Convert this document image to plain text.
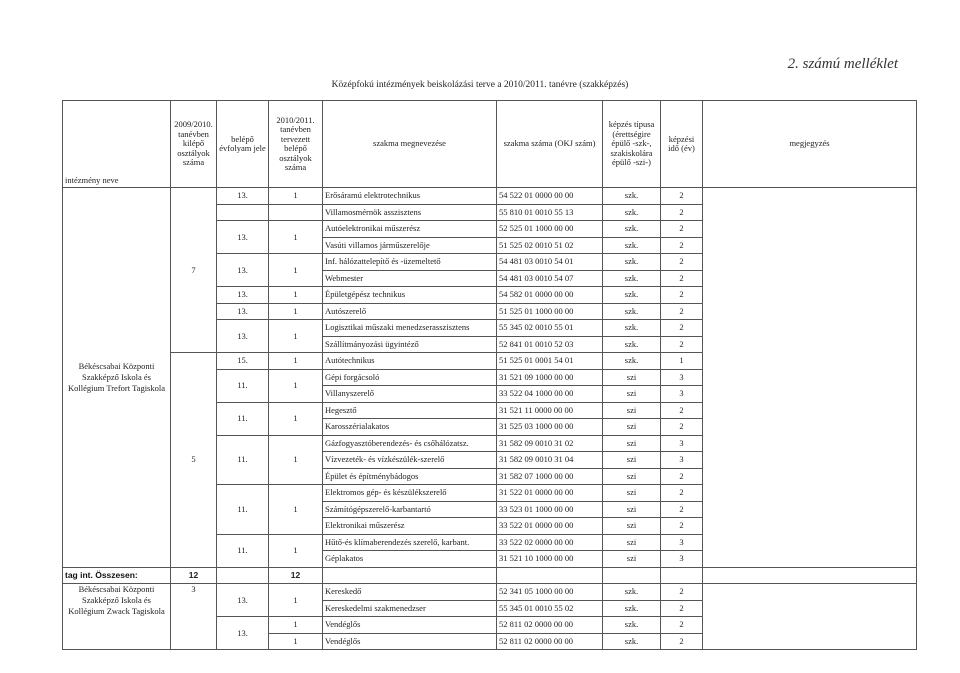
2. számú melléklet
Középfokú intézmények beiskolázási terve a 2010/2011. tanévre (szakképzés)
intézmény neve	2009/2010. tanévben kilépő osztályok száma	belépő évfolyam jele	2010/2011. tanévben tervezett belépő osztályok száma	szakma megnevezése	szakma száma (OKJ szám)	képzés típusa (érettségire épülő -szk-, szakiskolára épülő -szi-)	képzési idő (év)	megjegyzés
Békéscsabai Központi Szakképző Iskola és Kollégium Trefort Tagiskola	7	13.	1	Erősáramú elektrotechnikus	54 522 01 0000 00 00	szk.	2	
				Villamosmérnök asszisztens	55 810 01 0010 55 13	szk.	2	
		13.	1	Autóelektronikai műszerész	52 525 01 1000 00 00	szk.	2	
				Vasúti villamos járműszerelője	51 525 02 0010 51 02	szk.	2	
		13.	1	Inf. hálózattelepítő és -üzemeltető	54 481 03 0010 54 01	szk.	2	
				Webmester	54 481 03 0010 54 07	szk.	2	
		13.	1	Épületgépész technikus	54 582 01 0000 00 00	szk.	2	
		13.	1	Autószerelő	51 525 01 1000 00 00	szk.	2	
		13.	1	Logisztikai műszaki menedzserasszisztens	55 345 02 0010 55 01	szk.	2	
				Szállítmányozási ügyintéző	52 841 01 0010 52 03	szk.	2	
	5	15.	1	Autótechnikus	51 525 01 0001 54 01	szk.	1	
		11.	1	Gépi forgácsoló	31 521 09 1000 00 00	szi	3	
				Villanyszerelő	33 522 04 1000 00 00	szi	3	
		11.	1	Hegesztő	31 521 11 0000 00 00	szi	2	
				Karosszérialakatos	31 525 03 1000 00 00	szi	2	
		11.	1	Gázfogyasztóberendezés- és csőhálózatsz.	31 582 09 0010 31 02	szi	3	
				Vízvezeték- és vízkészülék-szerelő	31 582 09 0010 31 04	szi	3	
				Épület és építménybádogos	31 582 07 1000 00 00	szi	2	
		11.	1	Elektromos gép- és készülékszerelő	31 522 01 0000 00 00	szi	2	
				Számítógépszerelő-karbantartó	33 523 01 1000 00 00	szi	2	
				Elektronikai műszerész	33 522 01 0000 00 00	szi	2	
		11.	1	Hűtő-és klímaberendezés szerelő, karbant.	33 522 02 0000 00 00	szi	3	
				Géplakatos	31 521 10 1000 00 00	szi	3	
tag int. Összesen:	12		12					
Békéscsabai Központi Szakképző Iskola és Kollégium Zwack Tagiskola	3	13.	1	Kereskedő	52 341 05 1000 00 00	szk.	2	
				Kereskedelmi szakmenedzser	55 345 01 0010 55 02	szk.	2	
		13.	1	Vendéglős	52 811 02 0000 00 00	szk.	2	
			1	Vendéglős	52 811 02 0000 00 00	szk.	2	
